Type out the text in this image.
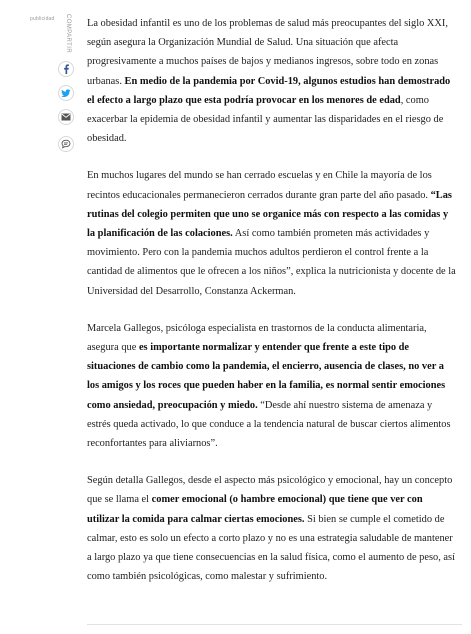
publicidad COMPARTIR La obesidad infantil es uno de los problemas de salud más preocupantes del siglo XXI, según asegura la Organización Mundial de Salud. Una situación que afecta progresivamente a muchos países de bajos y medianos ingresos, sobre todo en zonas urbanas. En medio de la pandemia por Covid-19, algunos estudios han demostrado el efecto a largo plazo que esta podría provocar en los menores de edad, como exacerbar la epidemia de obesidad infantil y aumentar las disparidades en el riesgo de obesidad.

En muchos lugares del mundo se han cerrado escuelas y en Chile la mayoría de los recintos educacionales permanecieron cerrados durante gran parte del año pasado. “Las rutinas del colegio permiten que uno se organice más con respecto a las comidas y la planificación de las colaciones. Así como también prometen más actividades y movimiento. Pero con la pandemia muchos adultos perdieron el control frente a la cantidad de alimentos que le ofrecen a los niños”, explica la nutricionista y docente de la Universidad del Desarrollo, Constanza Ackerman.

Marcela Gallegos, psicóloga especialista en trastornos de la conducta alimentaria, asegura que es importante normalizar y entender que frente a este tipo de situaciones de cambio como la pandemia, el encierro, ausencia de clases, no ver a los amigos y los roces que pueden haber en la familia, es normal sentir emociones como ansiedad, preocupación y miedo. “Desde ahí nuestro sistema de amenaza y estrés queda activado, lo que conduce a la tendencia natural de buscar ciertos alimentos reconfortantes para aliviarnos”.

Según detalla Gallegos, desde el aspecto más psicológico y emocional, hay un concepto que se llama el comer emocional (o hambre emocional) que tiene que ver con utilizar la comida para calmar ciertas emociones. Si bien se cumple el cometido de calmar, esto es solo un efecto a corto plazo y no es una estrategia saludable de mantener a largo plazo ya que tiene consecuencias en la salud física, como el aumento de peso, así como también psicológicas, como malestar y sufrimiento.
